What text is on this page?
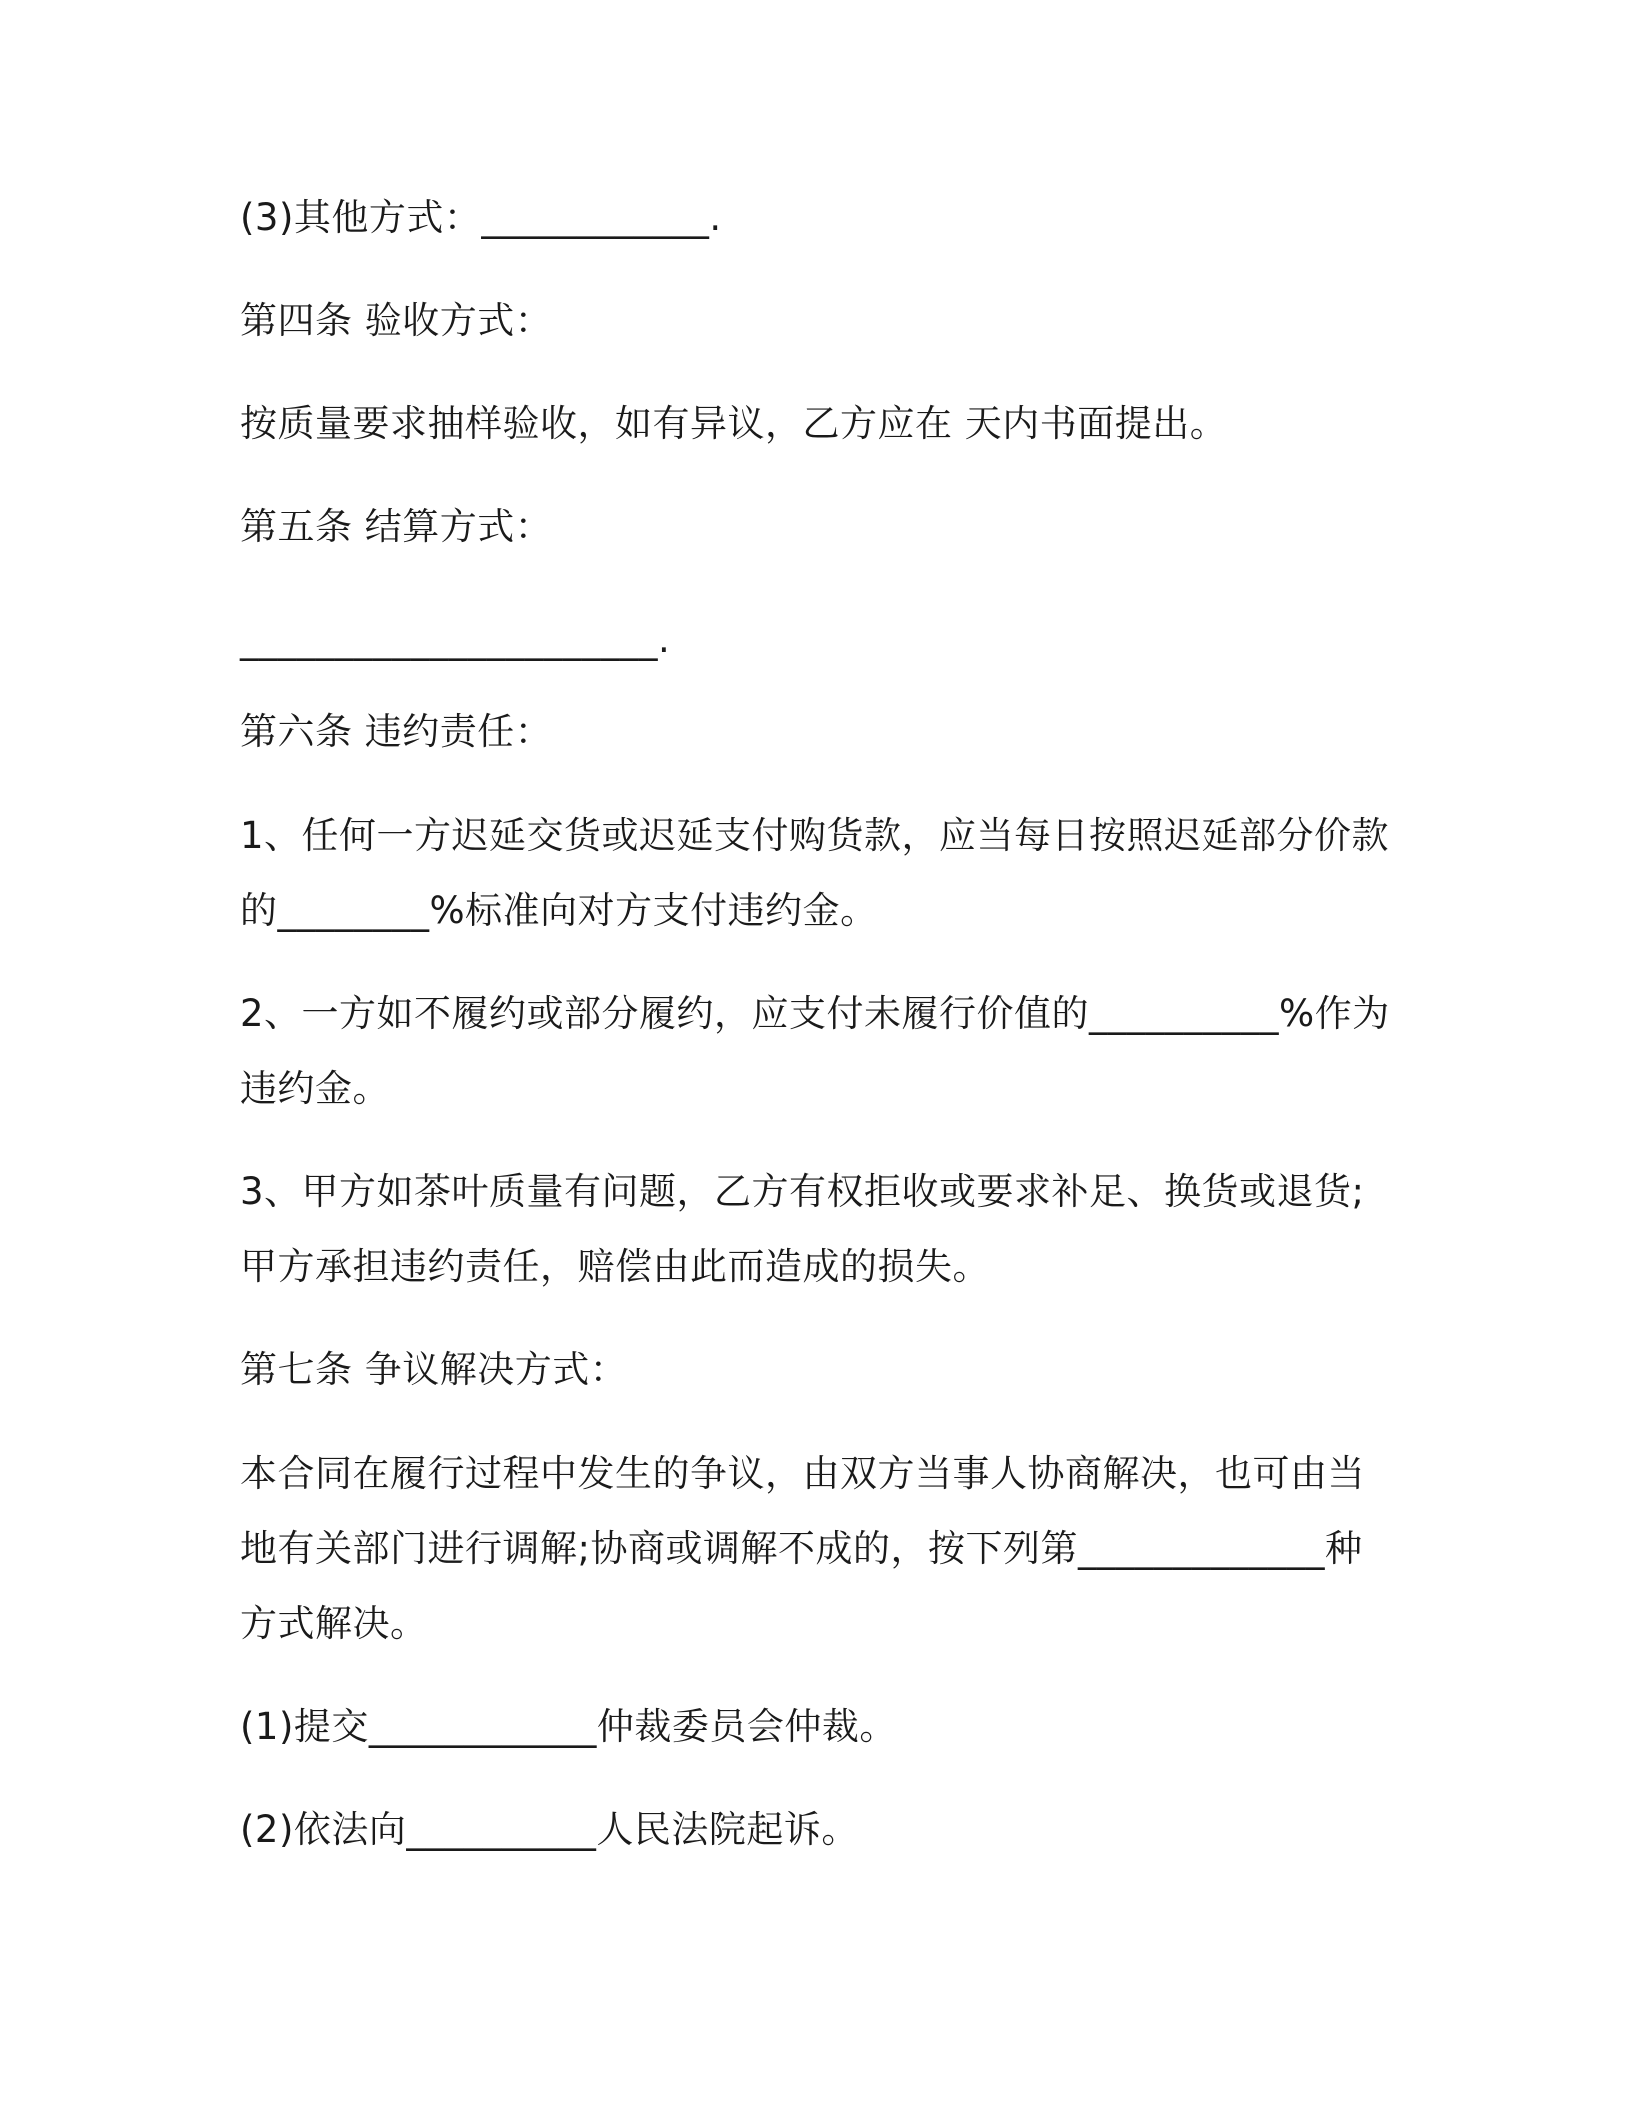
(3)其他方式：____________.
第四条 验收方式：
按质量要求抽样验收，如有异议，乙方应在 天内书面提出。
第五条 结算方式：
______________________.
第六条 违约责任：
1、任何一方迟延交货或迟延支付购货款，应当每日按照迟延部分价款
的________%标准向对方支付违约金。
2、一方如不履约或部分履约，应支付未履行价值的__________%作为
违约金。
3、甲方如茶叶质量有问题，乙方有权拒收或要求补足、换货或退货;
甲方承担违约责任，赔偿由此而造成的损失。
第七条 争议解决方式：
本合同在履行过程中发生的争议，由双方当事人协商解决，也可由当
地有关部门进行调解;协商或调解不成的，按下列第_____________种
方式解决。
(1)提交____________仲裁委员会仲裁。
(2)依法向__________人民法院起诉。
